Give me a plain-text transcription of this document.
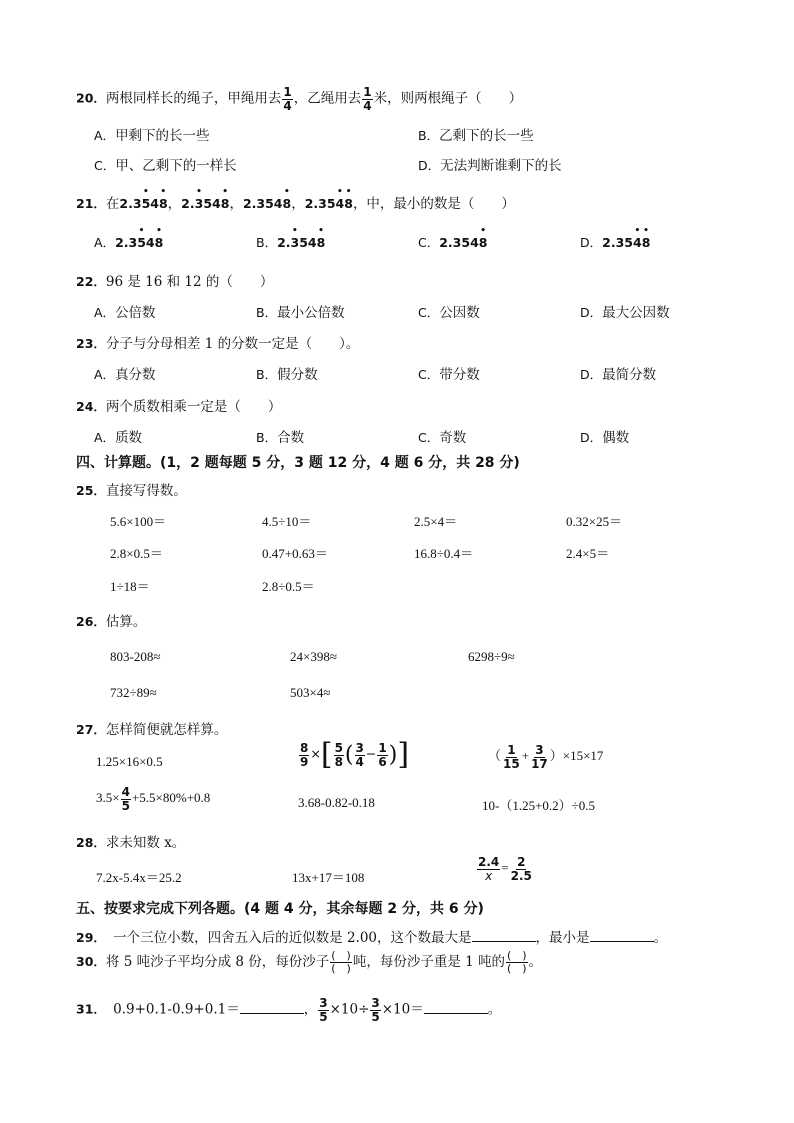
20．两根同样长的绳子，甲绳用去 $\frac{1}{4}$ ，乙绳用去 $\frac{1}{4}$ 米，则两根绳子（　　）
A．甲剩下的长一些	B．乙剩下的长一些
C．甲、乙剩下的一样长	D．无法判断谁剩下的长
21．在2.3• 54• 8，2.• 354• 8，2.354• 8，2.35• 4• 8，中，最小的数是（　　）
A．2.3• 54• 8	B．2.• 354• 8	C．2.354• 8	D．2.35• 4• 8
22．96 是 16 和 12 的（　　）
A．公倍数	B．最小公倍数	C．公因数	D．最大公因数
23．分子与分母相差 1 的分数一定是（　　）。
A．真分数	B．假分数	C．带分数	D．最简分数
24．两个质数相乘一定是（　　）
A．质数	B．合数	C．奇数	D．偶数
四、计算题。(1，2 题每题 5 分，3 题 12 分，4 题 6 分，共 28 分)
25．直接写得数。
5.6×100＝	4.5÷10＝	2.5×4＝	0.32×25＝
2.8×0.5＝	0.47+0.63＝	16.8÷0.4＝	2.4×5＝
1÷18＝	2.8÷0.5＝
26．估算。
803-208≈	24×398≈	6298÷9≈
732÷89≈	503×4≈
27．怎样简便就怎样算。
1.25×16×0.5	$\frac{8}{9}$ ×[ $\frac{5}{8}$ ( $\frac{3}{4} - \frac{1}{6}$ )]	（ $\frac{1}{15} + \frac{3}{17} )\times 15\times 17$
$3.5\times \frac{4}{5} +5.5\times 80\%+0.8$	3.68-0.82-0.18	10-（1.25+0.2）÷0.5
28．求未知数 x。
7.2x-5.4x＝25.2	13x+17＝108	$\frac{2.4}{x} = \frac{2}{2.5}$
五、按要求完成下列各题。(4 题 4 分，其余每题 2 分，共 6 分)
29．　一个三位小数，四舍五入后的近似数是 2.00，这个数最大是	，最小是	。
30．将 5 吨沙子平均分成 8 份，每份沙子 $\frac{( )}{( )}$ 吨，每份沙子重是 1 吨的 $\frac{( )}{( )}$ 。
31．　0.9+0.1-0.9+0.1＝	， $\frac{3}{5} \times 10\div \frac{3}{5} \times 10=$	。
